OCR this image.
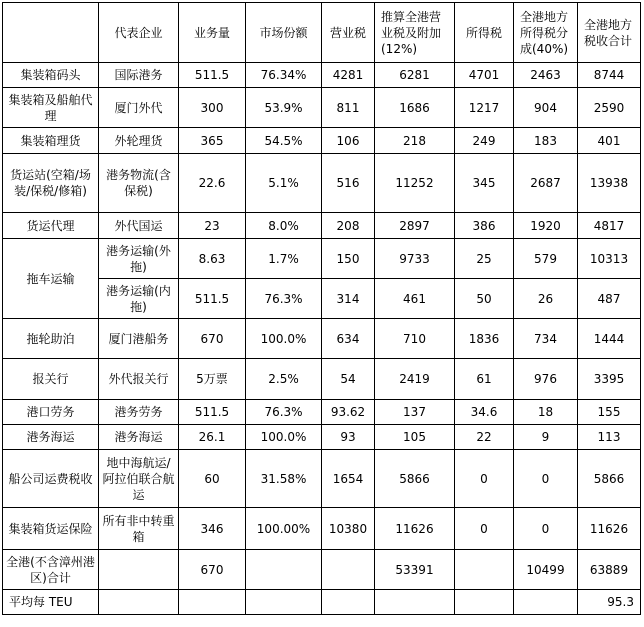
	代表企业	业务量	市场份额	营业税	推算全港营业税及附加(12%)	所得税	全港地方所得税分成(40%)	全港地方税收合计
集装箱码头	国际港务	511.5	76.34%	4281	6281	4701	2463	8744
集装箱及船舶代理	厦门外代	300	53.9%	811	1686	1217	904	2590
集装箱理货	外轮理货	365	54.5%	106	218	249	183	401
货运站(空箱/场装/保税/修箱)	港务物流(含保税)	22.6	5.1%	516	11252	345	2687	13938
货运代理	外代国运	23	8.0%	208	2897	386	1920	4817
拖车运输	港务运输(外拖)	8.63	1.7%	150	9733	25	579	10313
	港务运输(内拖)	511.5	76.3%	314	461	50	26	487
拖轮助泊	厦门港船务	670	100.0%	634	710	1836	734	1444
报关行	外代报关行	5万票	2.5%	54	2419	61	976	3395
港口劳务	港务劳务	511.5	76.3%	93.62	137	34.6	18	155
港务海运	港务海运	26.1	100.0%	93	105	22	9	113
船公司运费税收	地中海航运/阿拉伯联合航运	60	31.58%	1654	5866	0	0	5866
集装箱货运保险	所有非中转重箱	346	100.00%	10380	11626	0	0	11626
全港(不含漳州港区)合计		670			53391		10499	63889
平均每 TEU								95.3
